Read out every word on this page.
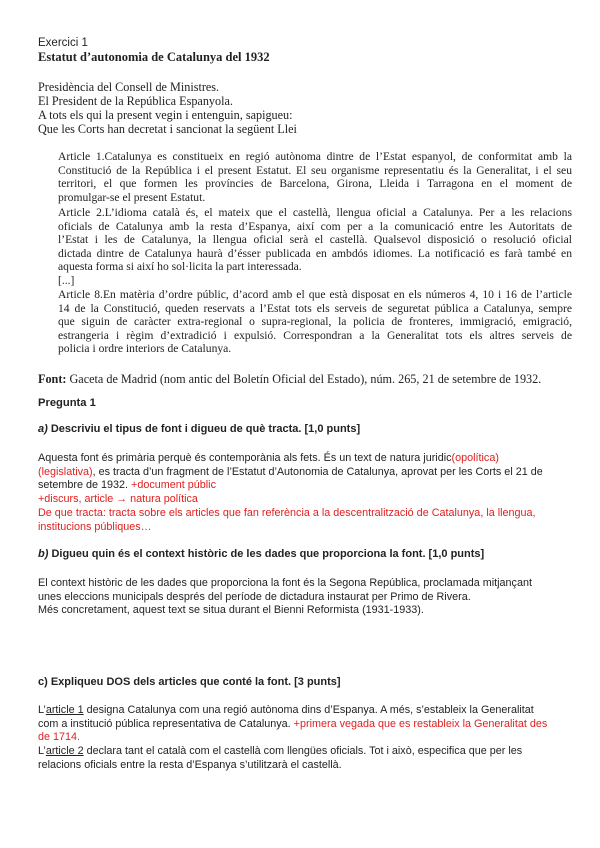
Exercici 1
Estatut d’autonomia de Catalunya del 1932
Presidència del Consell de Ministres.
El President de la República Espanyola.
A tots els qui la present vegin i entenguin, sapigueu:
Que les Corts han decretat i sancionat la següent Llei
Article 1.Catalunya es constitueix en regió autònoma dintre de l’Estat espanyol, de conformitat amb la
Constitució de la República i el present Estatut. El seu organisme representatiu és la Generalitat, i el seu
territori, el que formen les províncies de Barcelona, Girona, Lleida i Tarragona en el moment de
promulgar-se el present Estatut.
Article 2.L’idioma català és, el mateix que el castellà, llengua oficial a Catalunya. Per a les relacions
oficials de Catalunya amb la resta d’Espanya, així com per a la comunicació entre les Autoritats de
l’Estat i les de Catalunya, la llengua oficial serà el castellà. Qualsevol disposició o resolució oficial
dictada dintre de Catalunya haurà d’ésser publicada en ambdós idiomes. La notificació es farà també en
aquesta forma si així ho sol·licita la part interessada.
[...]
Article 8.En matèria d’ordre públic, d’acord amb el que està disposat en els números 4, 10 i 16 de l’article
14 de la Constitució, queden reservats a l’Estat tots els serveis de seguretat pública a Catalunya, sempre
que siguin de caràcter extra-regional o supra-regional, la policia de fronteres, immigració, emigració,
estrangeria i règim d’extradició i expulsió. Correspondran a la Generalitat tots els altres serveis de
policia i ordre interiors de Catalunya.
Font: Gaceta de Madrid (nom antic del Boletín Oficial del Estado), núm. 265, 21 de setembre de 1932.
Pregunta 1
a) Descriviu el tipus de font i digueu de què tracta. [1,0 punts]
Aquesta font és primària perquè és contemporània als fets. És un text de natura juridic(opolítica)
(legislativa), es tracta d’un fragment de l’Estatut d’Autonomia de Catalunya, aprovat per les Corts el 21 de
setembre de 1932. +document públic
+discurs, article → natura política
De que tracta: tracta sobre els articles que fan referència a la descentralització de Catalunya, la llengua,
institucions públiques…
b) Digueu quin és el context històric de les dades que proporciona la font. [1,0 punts]
El context històric de les dades que proporciona la font és la Segona República, proclamada mitjançant
unes eleccions municipals després del període de dictadura instaurat per Primo de Rivera.
Més concretament, aquest text se situa durant el Bienni Reformista (1931-1933).
c) Expliqueu DOS dels articles que conté la font. [3 punts]
L’article 1 designa Catalunya com una regió autònoma dins d’Espanya. A més, s’estableix la Generalitat
com a institució pública representativa de Catalunya. +primera vegada que es restableix la Generalitat des
de 1714.
L’article 2 declara tant el català com el castellà com llengües oficials. Tot i això, especifica que per les
relacions oficials entre la resta d’Espanya s’utilitzarà el castellà.
